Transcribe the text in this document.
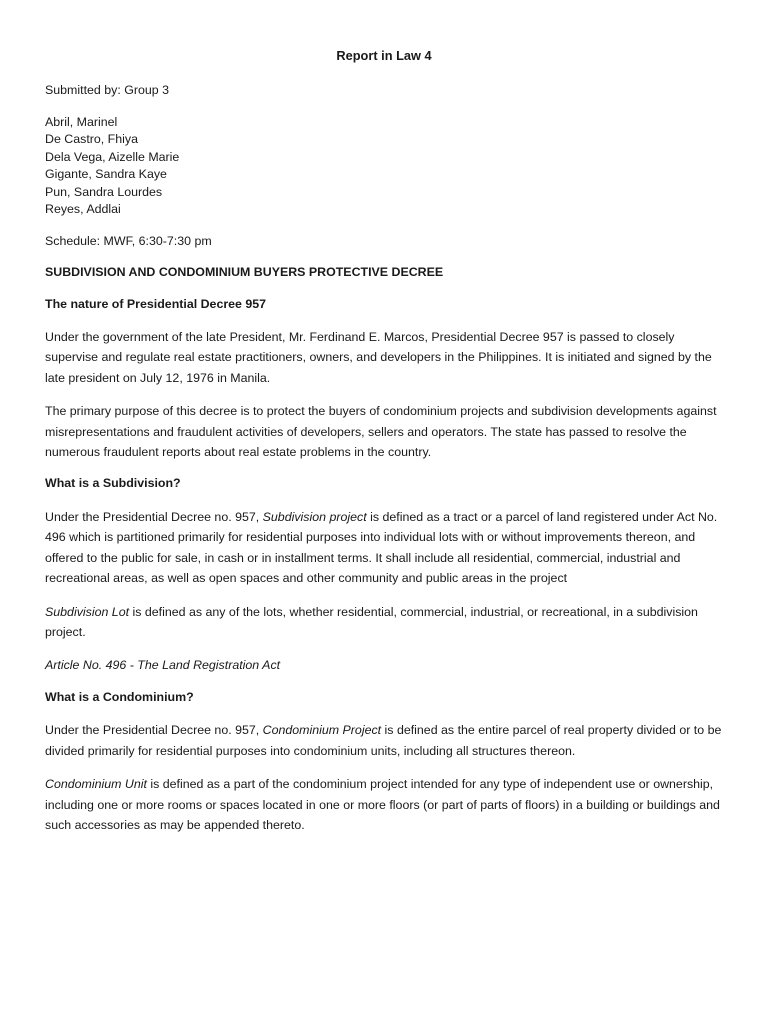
Report in Law 4
Submitted by: Group 3
Abril, Marinel
De Castro, Fhiya
Dela Vega, Aizelle Marie
Gigante, Sandra Kaye
Pun, Sandra Lourdes
Reyes, Addlai
Schedule: MWF, 6:30-7:30 pm
SUBDIVISION AND CONDOMINIUM BUYERS PROTECTIVE DECREE
The nature of Presidential Decree 957

Under the government of the late President, Mr. Ferdinand E. Marcos, Presidential Decree 957 is passed to closely supervise and regulate real estate practitioners, owners, and developers in the Philippines. It is initiated and signed by the late president on July 12, 1976 in Manila.

The primary purpose of this decree is to protect the buyers of condominium projects and subdivision developments against misrepresentations and fraudulent activities of developers, sellers and operators. The state has passed to resolve the numerous fraudulent reports about real estate problems in the country.

What is a Subdivision?

Under the Presidential Decree no. 957, Subdivision project is defined as a tract or a parcel of land registered under Act No. 496 which is partitioned primarily for residential purposes into individual lots with or without improvements thereon, and offered to the public for sale, in cash or in installment terms. It shall include all residential, commercial, industrial and recreational areas, as well as open spaces and other community and public areas in the project

Subdivision Lot is defined as any of the lots, whether residential, commercial, industrial, or recreational, in a subdivision project.

Article No. 496 - The Land Registration Act

What is a Condominium?

Under the Presidential Decree no. 957, Condominium Project is defined as the entire parcel of real property divided or to be divided primarily for residential purposes into condominium units, including all structures thereon.

Condominium Unit is defined as a part of the condominium project intended for any type of independent use or ownership, including one or more rooms or spaces located in one or more floors (or part of parts of floors) in a building or buildings and such accessories as may be appended thereto.
